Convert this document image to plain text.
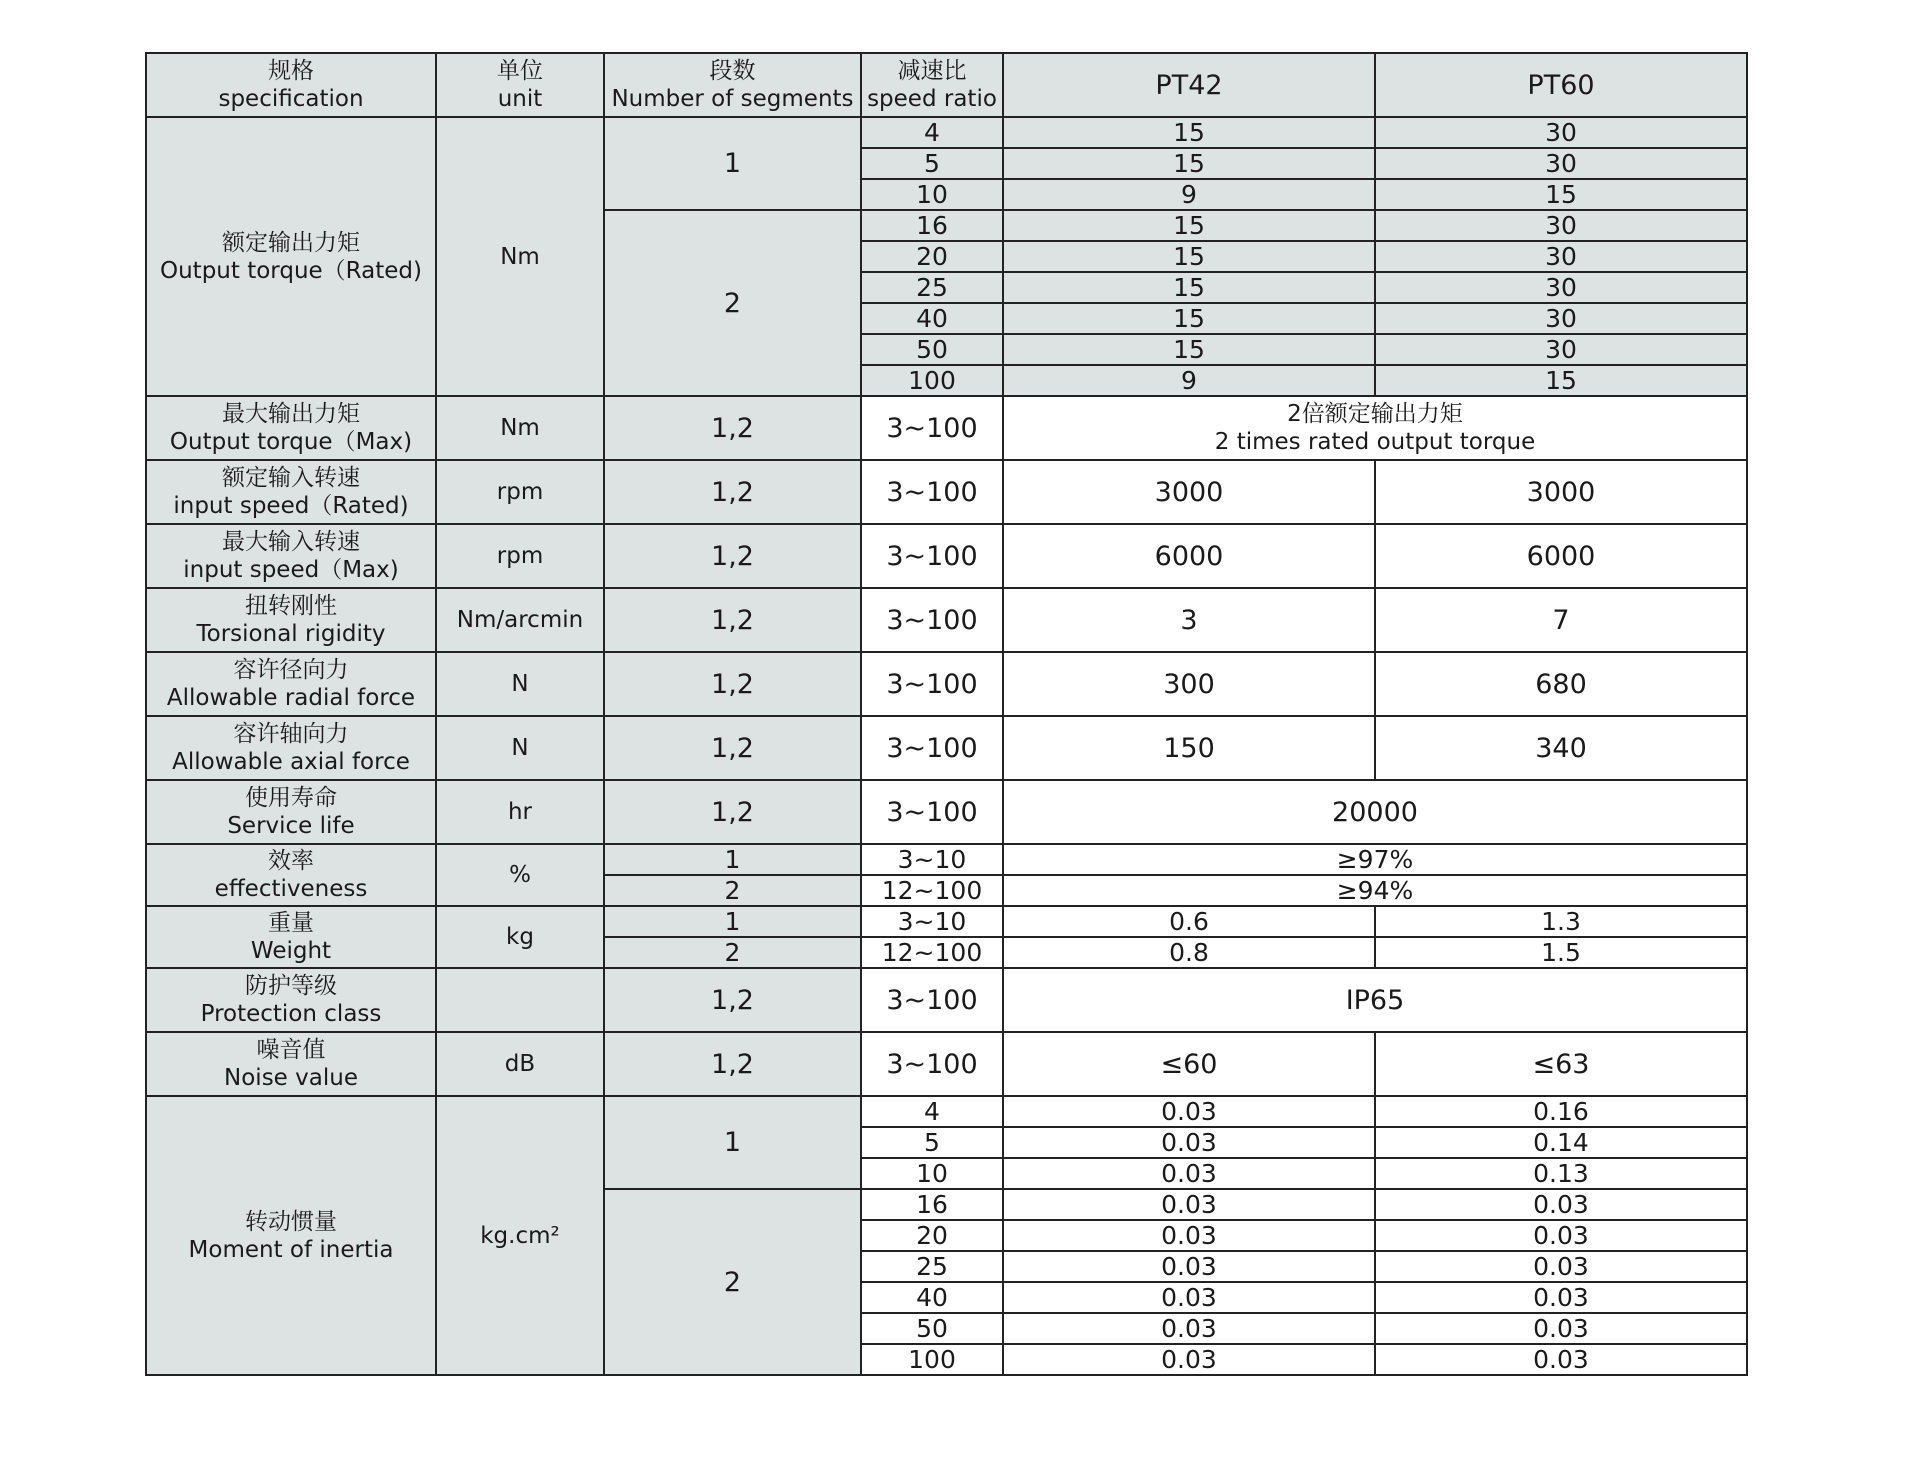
规格
specification	单位
unit	段数
Number of segments	减速比
speed ratio	PT42	PT60

额定输出力矩
Output torque（Rated)	Nm	1	4	15	30
			5	15	30
			10	9	15
		2	16	15	30
			20	15	30
			25	15	30
			40	15	30
			50	15	30
			100	9	15

最大输出力矩
Output torque（Max)	Nm	1,2	3~100	2倍额定输出力矩
2 times rated output torque	

额定输入转速
input speed（Rated)	rpm	1,2	3~100	3000	3000

最大输入转速
input speed（Max)	rpm	1,2	3~100	6000	6000

扭转刚性
Torsional rigidity	Nm/arcmin	1,2	3~100	3	7

容许径向力
Allowable radial force	N	1,2	3~100	300	680

容许轴向力
Allowable axial force	N	1,2	3~100	150	340

使用寿命
Service life	hr	1,2	3~100	20000	

效率
effectiveness	%	1	3~10	≥97%	
		2	12~100	≥94%	

重量
Weight	kg	1	3~10	0.6	1.3
		2	12~100	0.8	1.5

防护等级
Protection class		1,2	3~100	IP65	

噪音值
Noise value	dB	1,2	3~100	≤60	≤63

转动惯量
Moment of inertia	kg.cm²	1	4	0.03	0.16
			5	0.03	0.14
			10	0.03	0.13
		2	16	0.03	0.03
			20	0.03	0.03
			25	0.03	0.03
			40	0.03	0.03
			50	0.03	0.03
			100	0.03	0.03
